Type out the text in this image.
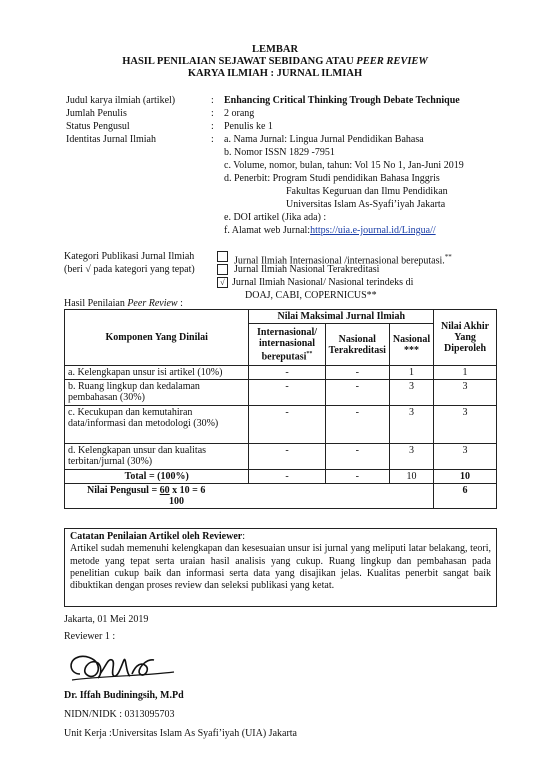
LEMBAR
HASIL PENILAIAN SEJAWAT SEBIDANG ATAU PEER REVIEW
KARYA ILMIAH : JURNAL ILMIAH
Judul karya ilmiah (artikel)	: Enhancing Critical Thinking Trough Debate Technique
Jumlah Penulis	: 2 orang
Status Pengusul	: Penulis ke 1
Identitas Jurnal Ilmiah	: a. Nama Jurnal: Lingua Jurnal Pendidikan Bahasa
b. Nomor ISSN 1829 -7951
c. Volume, nomor, bulan, tahun: Vol 15 No 1, Jan-Juni 2019
d. Penerbit: Program Studi pendidikan Bahasa Inggris
Fakultas Keguruan dan Ilmu Pendidikan
Universitas Islam As-Syafi’iyah Jakarta
e. DOI artikel (Jika ada) :
f. Alamat web Jurnal:https://uia.e-journal.id/Lingua//
Kategori Publikasi Jurnal Ilmiah
(beri √ pada kategori yang tepat)
Jurnal Ilmiah Internasional /internasional bereputasi.**
Jurnal Ilmiah Nasional Terakreditasi
√ Jurnal Ilmiah Nasional/ Nasional terindeks di
DOAJ, CABI, COPERNICUS**
Hasil Penilaian Peer Review :
Komponen Yang Dinilai	Nilai Maksimal Jurnal Ilmiah			Nilai Akhir Yang Diperoleh
	Internasional/ internasional bereputasi**	Nasional Terakreditasi	Nasional ***	
a. Kelengkapan unsur isi artikel (10%)	-	-	1	1
b. Ruang lingkup dan kedalaman pembahasan (30%)	-	-	3	3
c. Kecukupan dan kemutahiran data/informasi dan metodologi (30%)	-	-	3	3
d. Kelengkapan unsur dan kualitas terbitan/jurnal (30%)	-	-	3	3
Total = (100%)	-	-	10	10
Nilai Pengusul = 60 x 10 = 6
100				6
Catatan Penilaian Artikel oleh Reviewer:
Artikel sudah memenuhi kelengkapan dan kesesuaian unsur isi jurnal yang meliputi latar belakang, teori, metode yang tepat serta uraian hasil analisis yang cukup. Ruang lingkup dan pembahasan pada penelitian cukup baik dan informasi serta data yang disajikan jelas. Kualitas penerbit sangat baik dibuktikan dengan proses review dan seleksi publikasi yang ketat.
Jakarta, 01 Mei 2019
Reviewer 1 :
Dr. Iffah Budiningsih, M.Pd
NIDN/NIDK : 0313095703
Unit Kerja :Universitas Islam As Syafi’iyah (UIA) Jakarta
